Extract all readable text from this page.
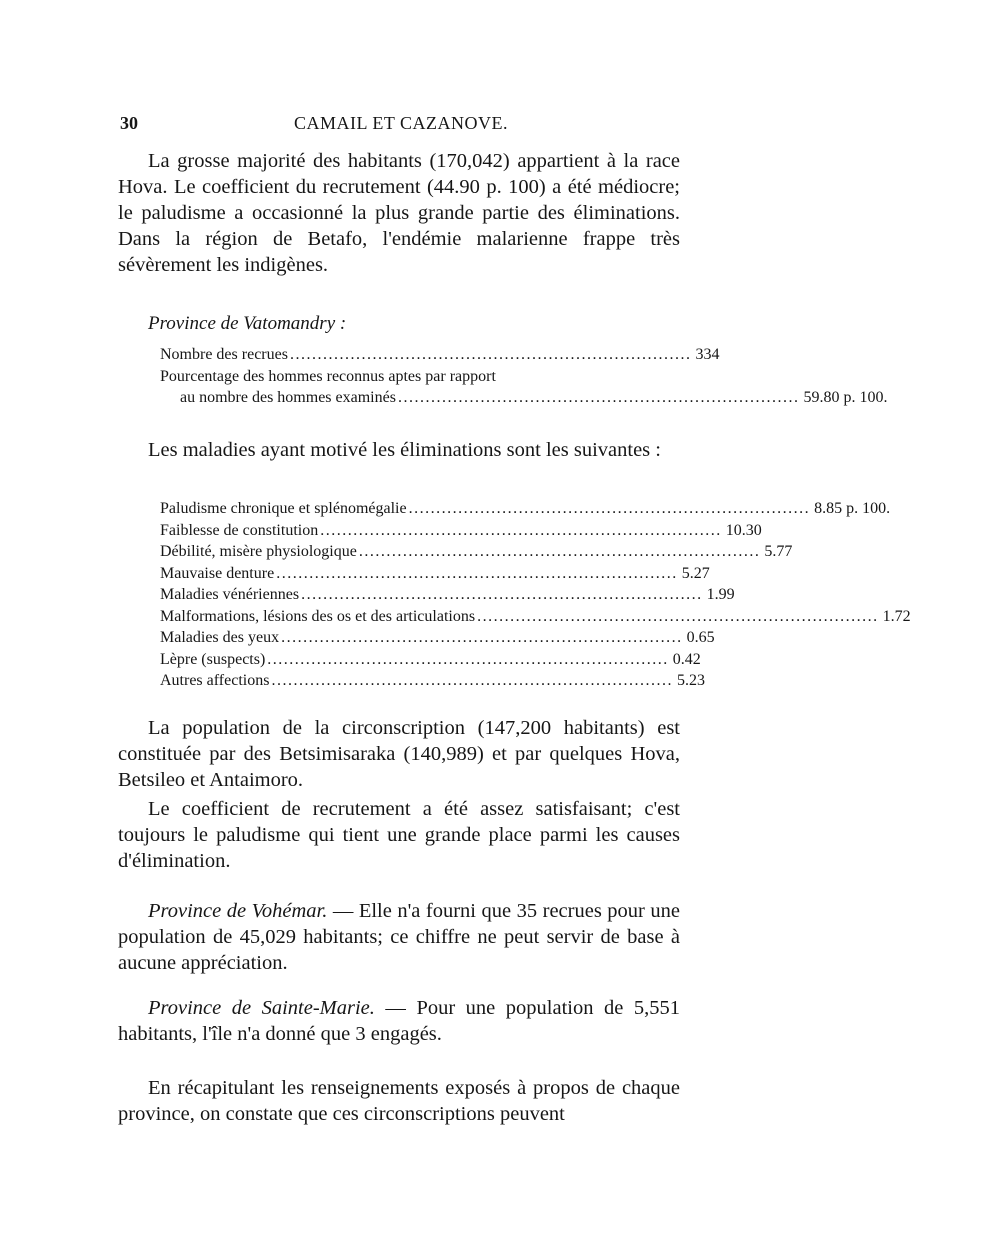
30	CAMAIL ET CAZANOVE.
La grosse majorité des habitants (170,042) appartient à la race Hova. Le coefficient du recrutement (44.90 p. 100) a été médiocre; le paludisme a occasionné la plus grande partie des éliminations. Dans la région de Betafo, l'endémie malarienne frappe très sévèrement les indigènes.
Province de Vatomandry :
Nombre des recrues ......................................................................... 334
Pourcentage des hommes reconnus aptes par rapport
au nombre des hommes examinés ......................................................................... 59.80 p. 100.
Les maladies ayant motivé les éliminations sont les suivantes :
Paludisme chronique et splénomégalie ......................................................................... 8.85 p. 100.
Faiblesse de constitution ......................................................................... 10.30
Débilité, misère physiologique ......................................................................... 5.77
Mauvaise denture ......................................................................... 5.27
Maladies vénériennes ......................................................................... 1.99
Malformations, lésions des os et des articulations ......................................................................... 1.72
Maladies des yeux ......................................................................... 0.65
Lèpre (suspects) ......................................................................... 0.42
Autres affections ......................................................................... 5.23
La population de la circonscription (147,200 habitants) est constituée par des Betsimisaraka (140,989) et par quelques Hova, Betsileo et Antaimoro.
Le coefficient de recrutement a été assez satisfaisant; c'est toujours le paludisme qui tient une grande place parmi les causes d'élimination.
Province de Vohémar. — Elle n'a fourni que 35 recrues pour une population de 45,029 habitants; ce chiffre ne peut servir de base à aucune appréciation.
Province de Sainte-Marie. — Pour une population de 5,551 habitants, l'île n'a donné que 3 engagés.
En récapitulant les renseignements exposés à propos de chaque province, on constate que ces circonscriptions peuvent
